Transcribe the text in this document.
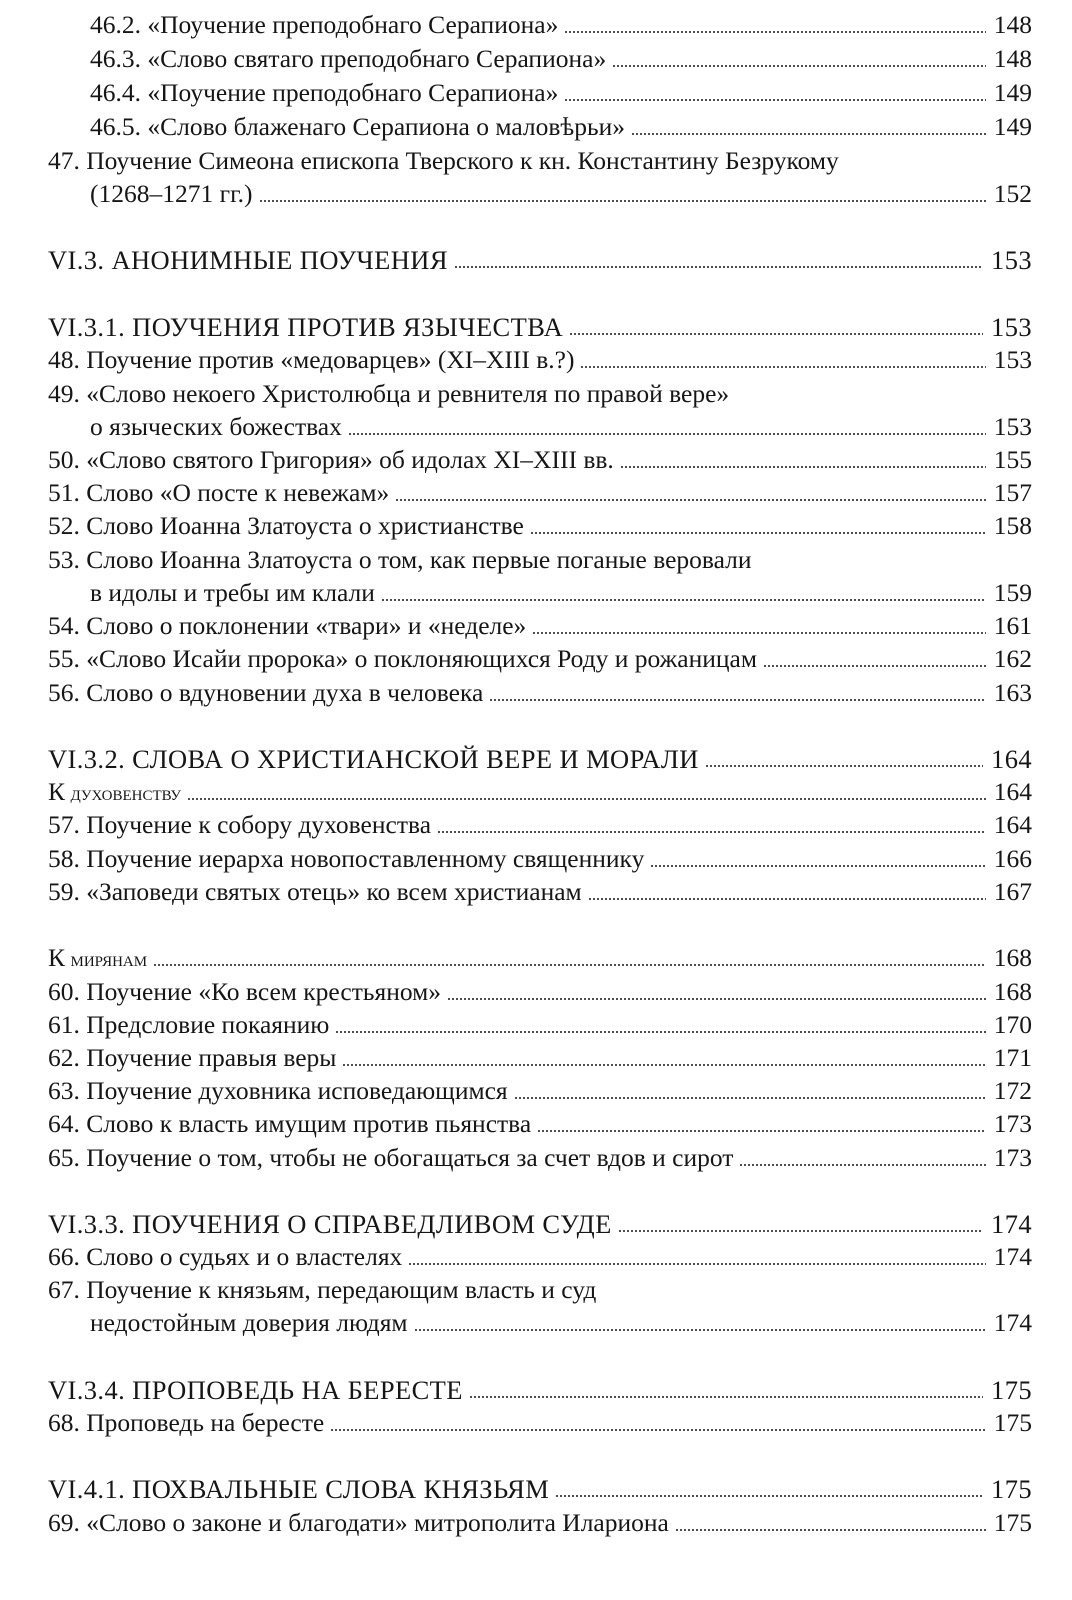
46.2. «Поучение преподобнаго Серапиона»	148
46.3. «Слово святаго преподобнаго Серапиона»	148
46.4. «Поучение преподобнаго Серапиона»	149
46.5. «Слово блаженаго Серапиона о маловѣрьи»	149
47. Поучение Симеона епископа Тверского к кн. Константину Безрукому
(1268–1271 гг.)	152
VI.3. АНОНИМНЫЕ ПОУЧЕНИЯ	153
VI.3.1. ПОУЧЕНИЯ ПРОТИВ ЯЗЫЧЕСТВА	153
48. Поучение против «медоварцев» (XI–XIII в.?)	153
49. «Слово некоего Христолюбца и ревнителя по правой вере»
о языческих божествах	153
50. «Слово святого Григория» об идолах XI–XIII вв.	155
51. Слово «О посте к невежам»	157
52. Слово Иоанна Златоуста о христианстве	158
53. Слово Иоанна Златоуста о том, как первые поганые веровали
в идолы и требы им клали	159
54. Слово о поклонении «твари» и «неделе»	161
55. «Слово Исайи пророка» о поклоняющихся Роду и рожаницам	162
56. Слово о вдуновении духа в человека	163
VI.3.2. СЛОВА О ХРИСТИАНСКОЙ ВЕРЕ И МОРАЛИ	164
К духовенству	164
57. Поучение к собору духовенства	164
58. Поучение иерарха новопоставленному священнику	166
59. «Заповеди святых отець» ко всем христианам	167
К мирянам	168
60. Поучение «Ко всем крестьяном»	168
61. Предсловие покаянию	170
62. Поучение правыя веры	171
63. Поучение духовника исповедающимся	172
64. Слово к власть имущим против пьянства	173
65. Поучение о том, чтобы не обогащаться за счет вдов и сирот	173
VI.3.3. ПОУЧЕНИЯ О СПРАВЕДЛИВОМ СУДЕ	174
66. Слово о судьях и о властелях	174
67. Поучение к князьям, передающим власть и суд
недостойным доверия людям	174
VI.3.4. ПРОПОВЕДЬ НА БЕРЕСТЕ	175
68. Проповедь на бересте	175
VI.4.1. ПОХВАЛЬНЫЕ СЛОВА КНЯЗЬЯМ	175
69. «Слово о законе и благодати» митрополита Илариона	175
